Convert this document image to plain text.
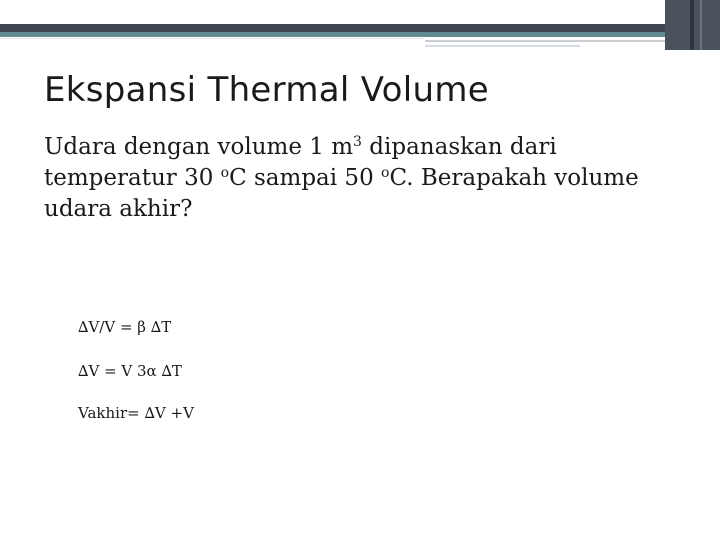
Ekspansi Thermal Volume

Udara dengan volume 1 $m^3$ dipanaskan dari temperatur 30 $^o$C sampai 50 $^o$C. Berapakah volume udara akhir?

∆V/V = β ∆T

∆V = V 3α ∆T

Vakhir= ∆V +V
